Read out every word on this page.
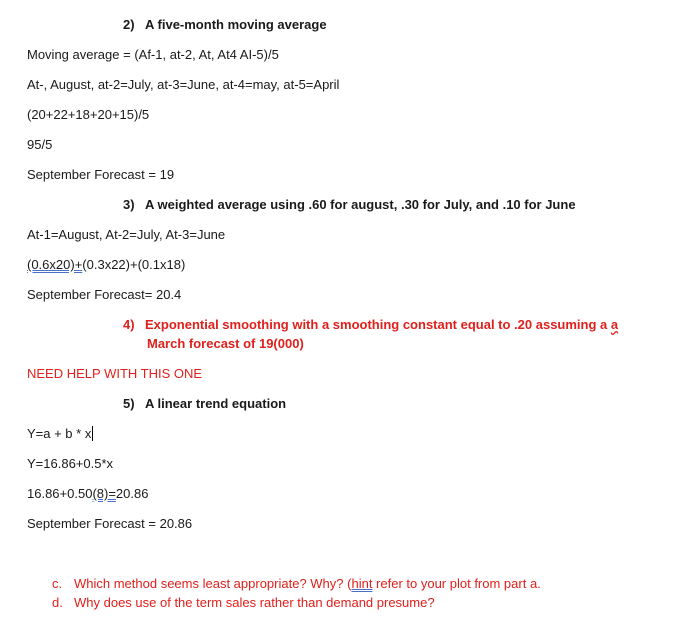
2) A five-month moving average
Moving average = (Af-1, at-2, At, At4 AI-5)/5
At-, August, at-2=July, at-3=June, at-4=may, at-5=April
(20+22+18+20+15)/5
95/5
September Forecast = 19
3) A weighted average using .60 for august, .30 for July, and .10 for June
At-1=August, At-2=July, At-3=June
(0.6x20)+(0.3x22)+(0.1x18)
September Forecast= 20.4
4) Exponential smoothing with a smoothing constant equal to .20 assuming a a
March forecast of 19(000)
NEED HELP WITH THIS ONE
5) A linear trend equation
Y=a + b * x
Y=16.86+0.5*x
16.86+0.50(8)=20.86
September Forecast = 20.86
c. Which method seems least appropriate? Why? (hint refer to your plot from part a.
d. Why does use of the term sales rather than demand presume?
